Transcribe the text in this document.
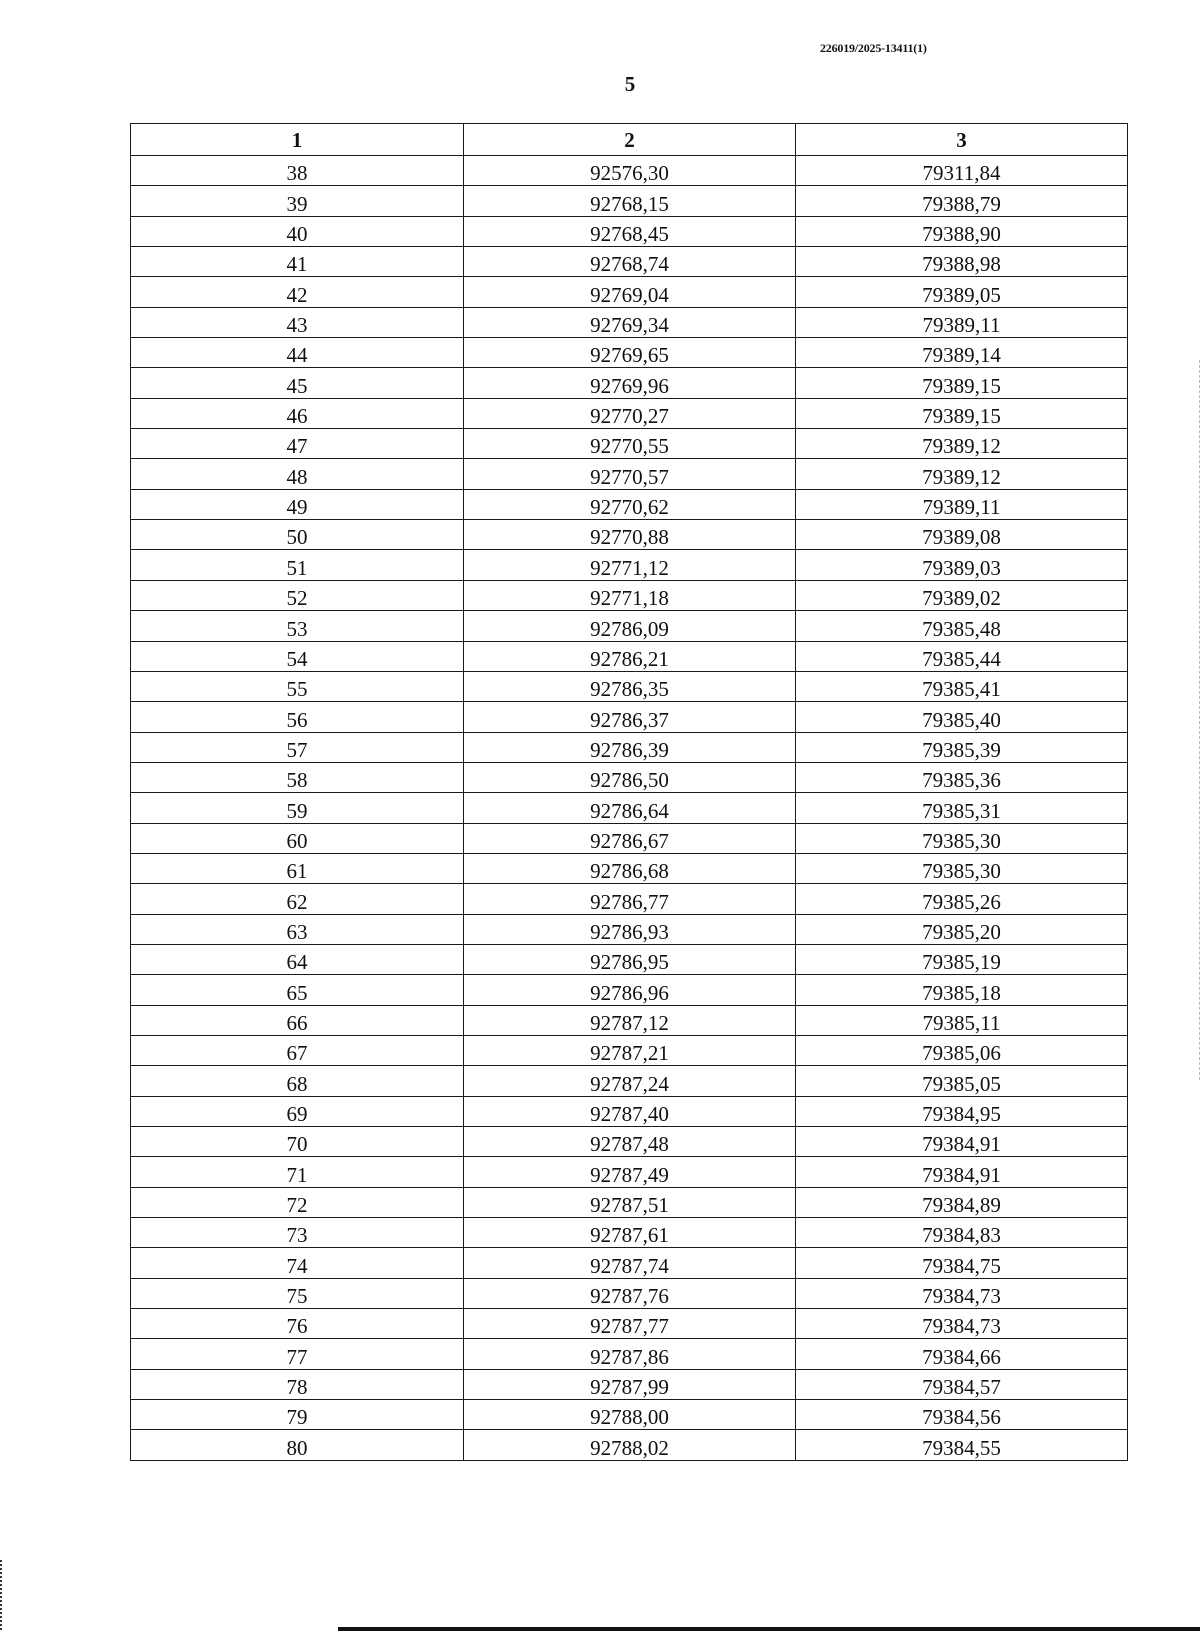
226019/2025-13411(1)
5
1	2	3
38	92576,30	79311,84
39	92768,15	79388,79
40	92768,45	79388,90
41	92768,74	79388,98
42	92769,04	79389,05
43	92769,34	79389,11
44	92769,65	79389,14
45	92769,96	79389,15
46	92770,27	79389,15
47	92770,55	79389,12
48	92770,57	79389,12
49	92770,62	79389,11
50	92770,88	79389,08
51	92771,12	79389,03
52	92771,18	79389,02
53	92786,09	79385,48
54	92786,21	79385,44
55	92786,35	79385,41
56	92786,37	79385,40
57	92786,39	79385,39
58	92786,50	79385,36
59	92786,64	79385,31
60	92786,67	79385,30
61	92786,68	79385,30
62	92786,77	79385,26
63	92786,93	79385,20
64	92786,95	79385,19
65	92786,96	79385,18
66	92787,12	79385,11
67	92787,21	79385,06
68	92787,24	79385,05
69	92787,40	79384,95
70	92787,48	79384,91
71	92787,49	79384,91
72	92787,51	79384,89
73	92787,61	79384,83
74	92787,74	79384,75
75	92787,76	79384,73
76	92787,77	79384,73
77	92787,86	79384,66
78	92787,99	79384,57
79	92788,00	79384,56
80	92788,02	79384,55
